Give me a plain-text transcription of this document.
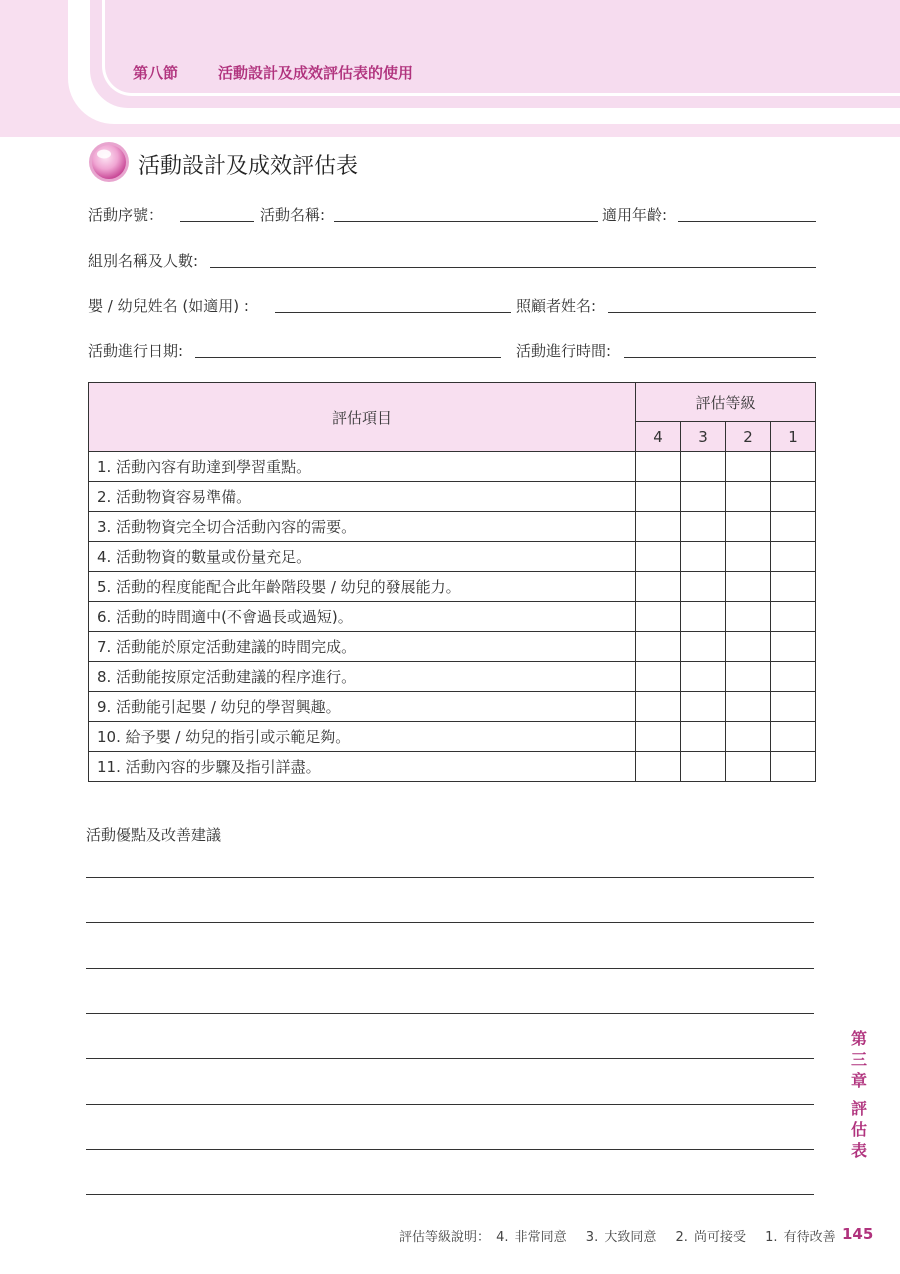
第八節	活動設計及成效評估表的使用
活動設計及成效評估表
活動序號：	活動名稱:	適用年齡:
組別名稱及人數:
嬰 / 幼兒姓名 (如適用) :	照顧者姓名:
活動進行日期:	活動進行時間:
評估項目	評估等級			
	4	3	2	1
1. 活動內容有助達到學習重點。				
2. 活動物資容易準備。				
3. 活動物資完全切合活動內容的需要。				
4. 活動物資的數量或份量充足。				
5. 活動的程度能配合此年齡階段嬰 / 幼兒的發展能力。				
6. 活動的時間適中(不會過長或過短)。				
7. 活動能於原定活動建議的時間完成。				
8. 活動能按原定活動建議的程序進行。				
9. 活動能引起嬰 / 幼兒的學習興趣。				
10. 給予嬰 / 幼兒的指引或示範足夠。				
11. 活動內容的步驟及指引詳盡。				
活動優點及改善建議
第
三
章
評
估
表
評估等級說明： 4. 非常同意　 3. 大致同意　 2. 尚可接受　 1. 有待改善 145
